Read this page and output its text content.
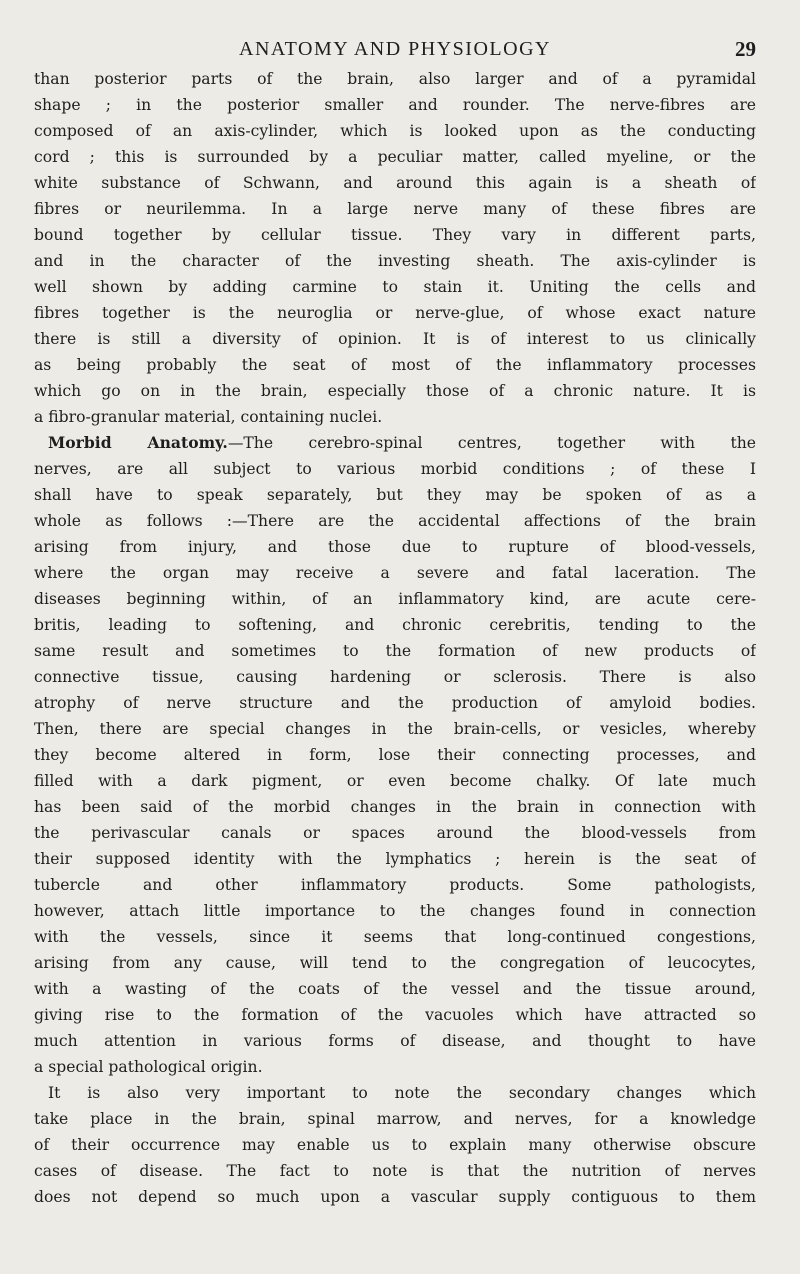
ANATOMY AND PHYSIOLOGY	29
than posterior parts of the brain, also larger and of a pyramidal
shape ; in the posterior smaller and rounder. The nerve-fibres are
composed of an axis-cylinder, which is looked upon as the conducting
cord ; this is surrounded by a peculiar matter, called myeline, or the
white substance of Schwann, and around this again is a sheath of
fibres or neurilemma. In a large nerve many of these fibres are
bound together by cellular tissue. They vary in different parts,
and in the character of the investing sheath. The axis-cylinder is
well shown by adding carmine to stain it. Uniting the cells and
fibres together is the neuroglia or nerve-glue, of whose exact nature
there is still a diversity of opinion. It is of interest to us clinically
as being probably the seat of most of the inflammatory processes
which go on in the brain, especially those of a chronic nature. It is
a fibro-granular material, containing nuclei.
Morbid Anatomy.—The cerebro-spinal centres, together with the
nerves, are all subject to various morbid conditions ; of these I
shall have to speak separately, but they may be spoken of as a
whole as follows :—There are the accidental affections of the brain
arising from injury, and those due to rupture of blood-vessels,
where the organ may receive a severe and fatal laceration. The
diseases beginning within, of an inflammatory kind, are acute cere-
britis, leading to softening, and chronic cerebritis, tending to the
same result and sometimes to the formation of new products of
connective tissue, causing hardening or sclerosis. There is also
atrophy of nerve structure and the production of amyloid bodies.
Then, there are special changes in the brain-cells, or vesicles, whereby
they become altered in form, lose their connecting processes, and
filled with a dark pigment, or even become chalky. Of late much
has been said of the morbid changes in the brain in connection with
the perivascular canals or spaces around the blood-vessels from
their supposed identity with the lymphatics ; herein is the seat of
tubercle and other inflammatory products. Some pathologists,
however, attach little importance to the changes found in connection
with the vessels, since it seems that long-continued congestions,
arising from any cause, will tend to the congregation of leucocytes,
with a wasting of the coats of the vessel and the tissue around,
giving rise to the formation of the vacuoles which have attracted so
much attention in various forms of disease, and thought to have
a special pathological origin.
It is also very important to note the secondary changes which
take place in the brain, spinal marrow, and nerves, for a knowledge
of their occurrence may enable us to explain many otherwise obscure
cases of disease. The fact to note is that the nutrition of nerves
does not depend so much upon a vascular supply contiguous to them
